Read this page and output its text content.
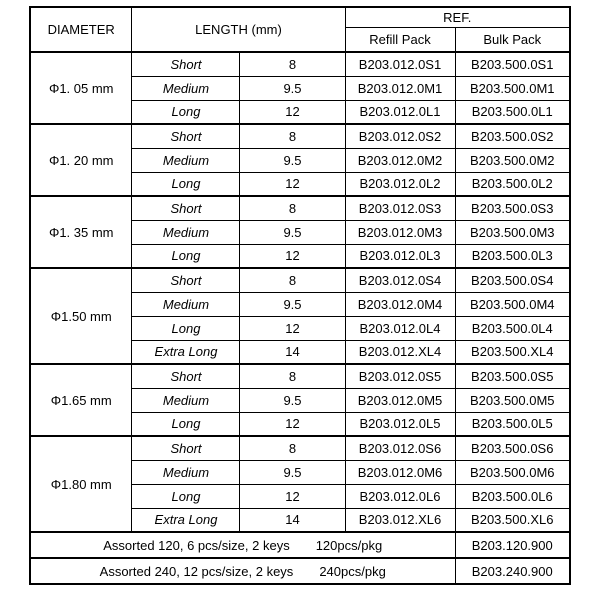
DIAMETER	LENGTH (mm)		REF.	
			Refill Pack	Bulk Pack
Φ1. 05 mm	Short	8	B203.012.0S1	B203.500.0S1
	Medium	9.5	B203.012.0M1	B203.500.0M1
	Long	12	B203.012.0L1	B203.500.0L1
Φ1. 20 mm	Short	8	B203.012.0S2	B203.500.0S2
	Medium	9.5	B203.012.0M2	B203.500.0M2
	Long	12	B203.012.0L2	B203.500.0L2
Φ1. 35 mm	Short	8	B203.012.0S3	B203.500.0S3
	Medium	9.5	B203.012.0M3	B203.500.0M3
	Long	12	B203.012.0L3	B203.500.0L3
Φ1.50 mm	Short	8	B203.012.0S4	B203.500.0S4
	Medium	9.5	B203.012.0M4	B203.500.0M4
	Long	12	B203.012.0L4	B203.500.0L4
	Extra Long	14	B203.012.XL4	B203.500.XL4
Φ1.65 mm	Short	8	B203.012.0S5	B203.500.0S5
	Medium	9.5	B203.012.0M5	B203.500.0M5
	Long	12	B203.012.0L5	B203.500.0L5
Φ1.80 mm	Short	8	B203.012.0S6	B203.500.0S6
	Medium	9.5	B203.012.0M6	B203.500.0M6
	Long	12	B203.012.0L6	B203.500.0L6
	Extra Long	14	B203.012.XL6	B203.500.XL6
Assorted 120, 6 pcs/size, 2 keys 120pcs/pkg				B203.120.900
Assorted 240, 12 pcs/size, 2 keys 240pcs/pkg				B203.240.900
